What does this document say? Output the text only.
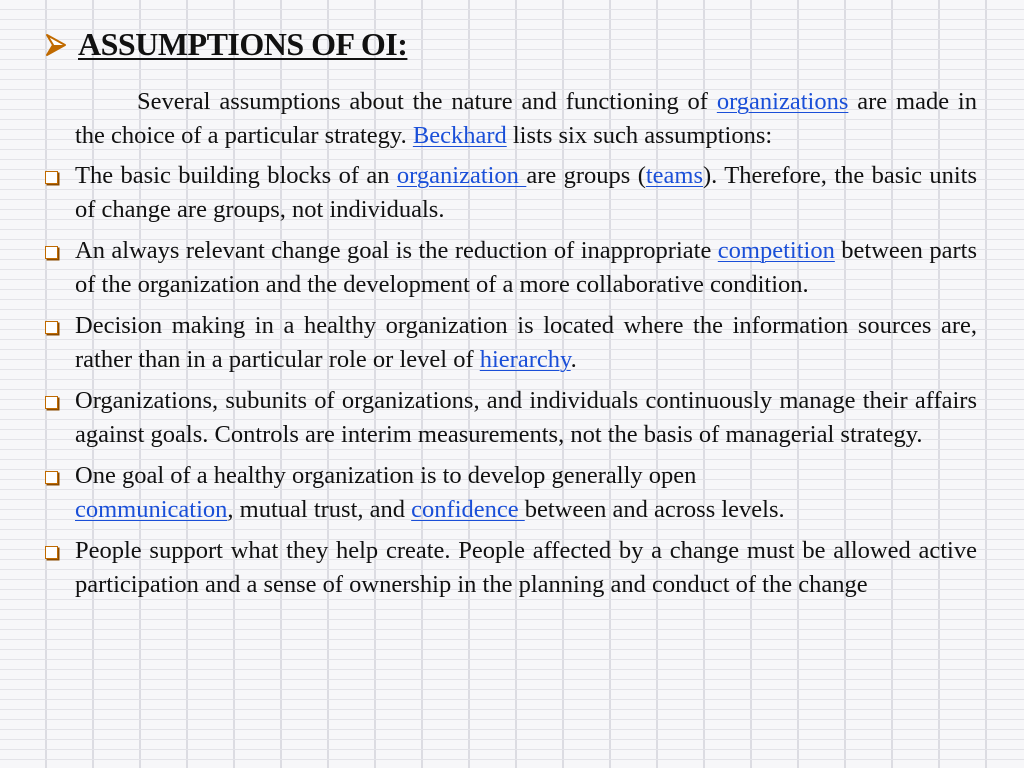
ASSUMPTIONS OF OI:

Several assumptions about the nature and functioning of organizations are made in the choice of a particular strategy. Beckhard lists six such assumptions:

The basic building blocks of an organization are groups (teams). Therefore, the basic units of change are groups, not individuals.

An always relevant change goal is the reduction of inappropriate competition between parts of the organization and the development of a more collaborative condition.

Decision making in a healthy organization is located where the information sources are, rather than in a particular role or level of hierarchy.

Organizations, subunits of organizations, and individuals continuously manage their affairs against goals. Controls are interim measurements, not the basis of managerial strategy.

One goal of a healthy organization is to develop generally open
communication, mutual trust, and confidence between and across levels.

People support what they help create. People affected by a change must be allowed active participation and a sense of ownership in the planning and conduct of the change
